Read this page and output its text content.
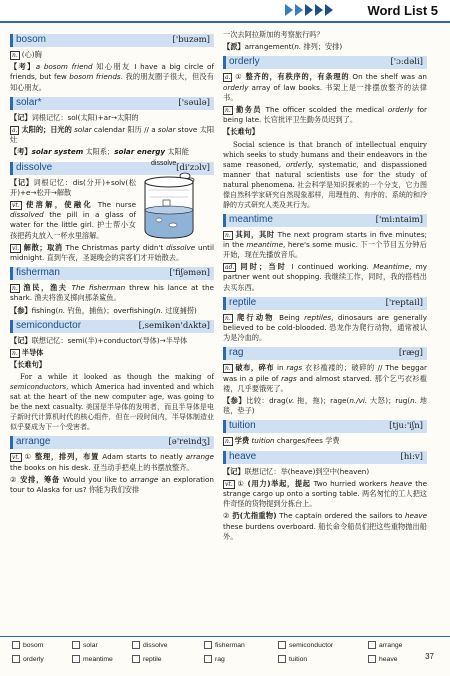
Word List 5
bosom	['buzəm]

n. (心)胸

【考】a bosom friend 知心朋友 I have a big circle of friends, but few bosom friends. 我的朋友圈子很大，但没有知心朋友。

solar*	['səulə]

【记】词根记忆：sol(太阳)+ar→太阳的

a. 太阳的；日光的 solar calendar 阳历 // a solar stove 太阳灶

【考】solar system 太阳系；solar energy 太阳能

dissolve	[di'zɔlv]

【记】词根记忆：dis(分开)+solv(松开)+e→松开→解散

vt. 使溶解，使融化 The nurse dissolved the pill in a glass of water for the little girl. 护士帮小女孩把药丸放入一杯水里溶解。

vi. 解散；取消 The Christmas party didn't dissolve until midnight. 直到午夜，圣诞晚会的宾客们才开始散去。

fisherman	['fiʃəmən]

n. 渔民，渔夫 The fisherman threw his lance at the shark. 渔夫将渔叉掷向那条鲨鱼。

【参】fishing(n. 钓鱼，捕鱼)；overfishing(n. 过度捕捞)

semiconductor	[,semikən'dʌktə]

【记】联想记忆：semi(半)+conductor(导体)→半导体

n. 半导体

【长难句】

For a while it looked as though the making of semiconductors, which America had invented and which sat at the heart of the new computer age, was going to be the next casualty. 美国是半导体的发明者，而且半导体是电子新时代计算机时代的核心组件，但在一段时间内，半导体制造业似乎要成为下一个受害者。

arrange	[ə'reindʒ]

vt. ① 整理，排列，布置 Adam starts to neatly arrange the books on his desk. 亚当动手把桌上的书摆放整齐。

② 安排，筹备 Would you like to arrange an exploration tour to Alaska for us? 你能为我们安排

一次去阿拉斯加的考察旅行吗？

【派】arrangement(n. 排列；安排)

orderly	['ɔ:dəli]

a. ① 整齐的，有秩序的，有条理的 On the shelf was an orderly array of law books. 书架上是一排摆放整齐的法律书。

n. 勤务员 The officer scolded the medical orderly for being late. 长官批评卫生勤务员迟到了。

【长难句】

Social science is that branch of intellectual enquiry which seeks to study humans and their endeavors in the same reasoned, orderly, systematic, and dispassioned manner that natural scientists use for the study of natural phenomena. 社会科学是知识探索的一个分支，它力图像自然科学家研究自然现象那样，用理性的、有序的、系统的和冷静的方式研究人类及其行为。

meantime	['mi:ntaim]

n. 其间，其时 The next program starts in five minutes; in the meantime, here's some music. 下一个节目五分钟后开始，现在先播放音乐。

ad. 同时；当时 I continued working. Meantime, my partner went out shopping. 我继续工作，同时，我的搭档出去买东西。

reptile	['reptail]

n. 爬行动物 Being reptiles, dinosaurs are generally believed to be cold-blooded. 恐龙作为爬行动物，通常被认为是冷血的。

rag	[ræg]

n. 破布，碎布 in rags 衣衫褴褛的；破碎的 // The beggar was in a pile of rags and almost starved. 那个乞丐衣衫褴褛，几乎要饿死了。

【参】比较：drag(v. 拖，拖)；rage(n./vi. 大怒)；rug(n. 地毯，垫子)

tuition	[tju:'iʃn]

n. 学费 tuition charges/fees 学费

heave	[hi:v]

【记】联想记忆：举(heave)到空中(heaven)

vt. ① (用力)举起，提起 Two hurried workers heave the strange cargo up onto a sorting table. 两名匆忙的工人把这件奇怪的货物提到分拣台上。

② 扔(尤指重物) The captain ordered the sailors to heave these burdens overboard. 船长命令船员们把这些重物抛出船外。

dissolve
bosom	solar	dissolve	fisherman	semiconductor	arrange
orderly	meantime	reptile	rag	tuition	heave	37
